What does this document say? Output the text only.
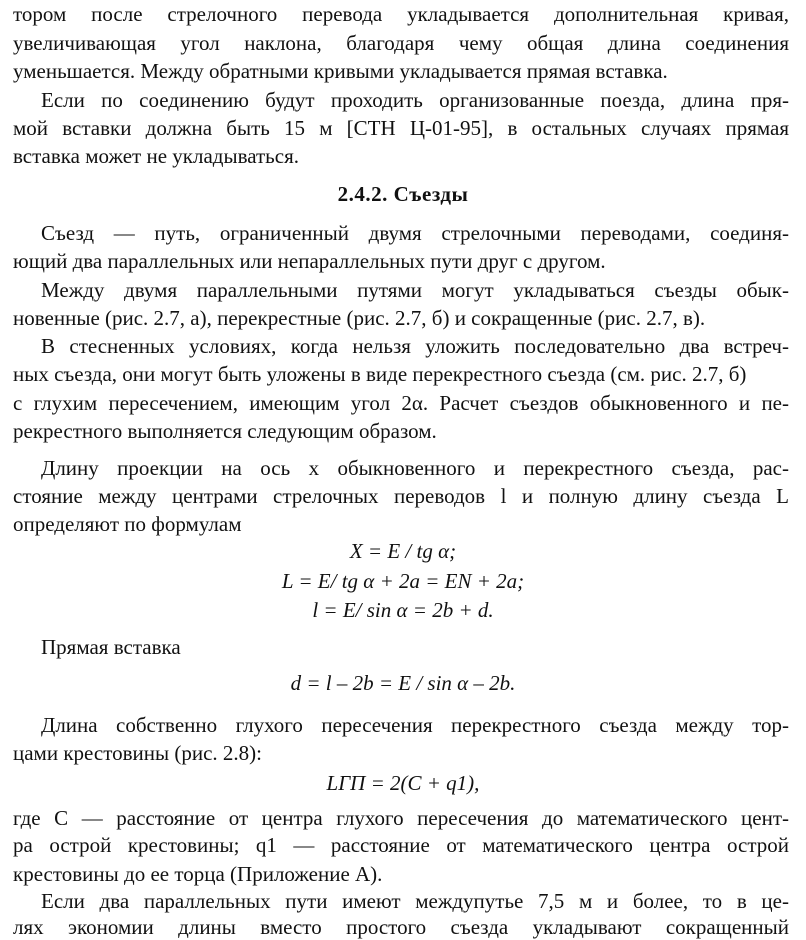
тором после стрелочного перевода укладывается дополнительная кривая,
увеличивающая угол наклона, благодаря чему общая длина соединения
уменьшается. Между обратными кривыми укладывается прямая вставка.
Если по соединению будут проходить организованные поезда, длина пря-
мой вставки должна быть 15 м [СТН Ц-01-95], в остальных случаях прямая
вставка может не укладываться.
2.4.2. Съезды
Съезд — путь, ограниченный двумя стрелочными переводами, соединя-
ющий два параллельных или непараллельных пути друг с другом.
Между двумя параллельными путями могут укладываться съезды обык-
новенные (рис. 2.7, а), перекрестные (рис. 2.7, б) и сокращенные (рис. 2.7, в).
В стесненных условиях, когда нельзя уложить последовательно два встреч-
ных съезда, они могут быть уложены в виде перекрестного съезда (см. рис. 2.7, б)
с глухим пересечением, имеющим угол 2α. Расчет съездов обыкновенного и пе-
рекрестного выполняется следующим образом.
Длину проекции на ось x обыкновенного и перекрестного съезда, рас-
стояние между центрами стрелочных переводов l и полную длину съезда L
определяют по формулам
X = E / tg α;
L = E/ tg α + 2a = EN + 2a;
l = E/ sin α = 2b + d.
Прямая вставка
d = l – 2b = E / sin α – 2b.
Длина собственно глухого пересечения перекрестного съезда между тор-
цами крестовины (рис. 2.8):
LГП = 2(C + q1),
где C — расстояние от центра глухого пересечения до математического цент-
ра острой крестовины; q1 — расстояние от математического центра острой
крестовины до ее торца (Приложение А).
Если два параллельных пути имеют междупутье 7,5 м и более, то в це-
лях экономии длины вместо простого съезда укладывают сокращенный
